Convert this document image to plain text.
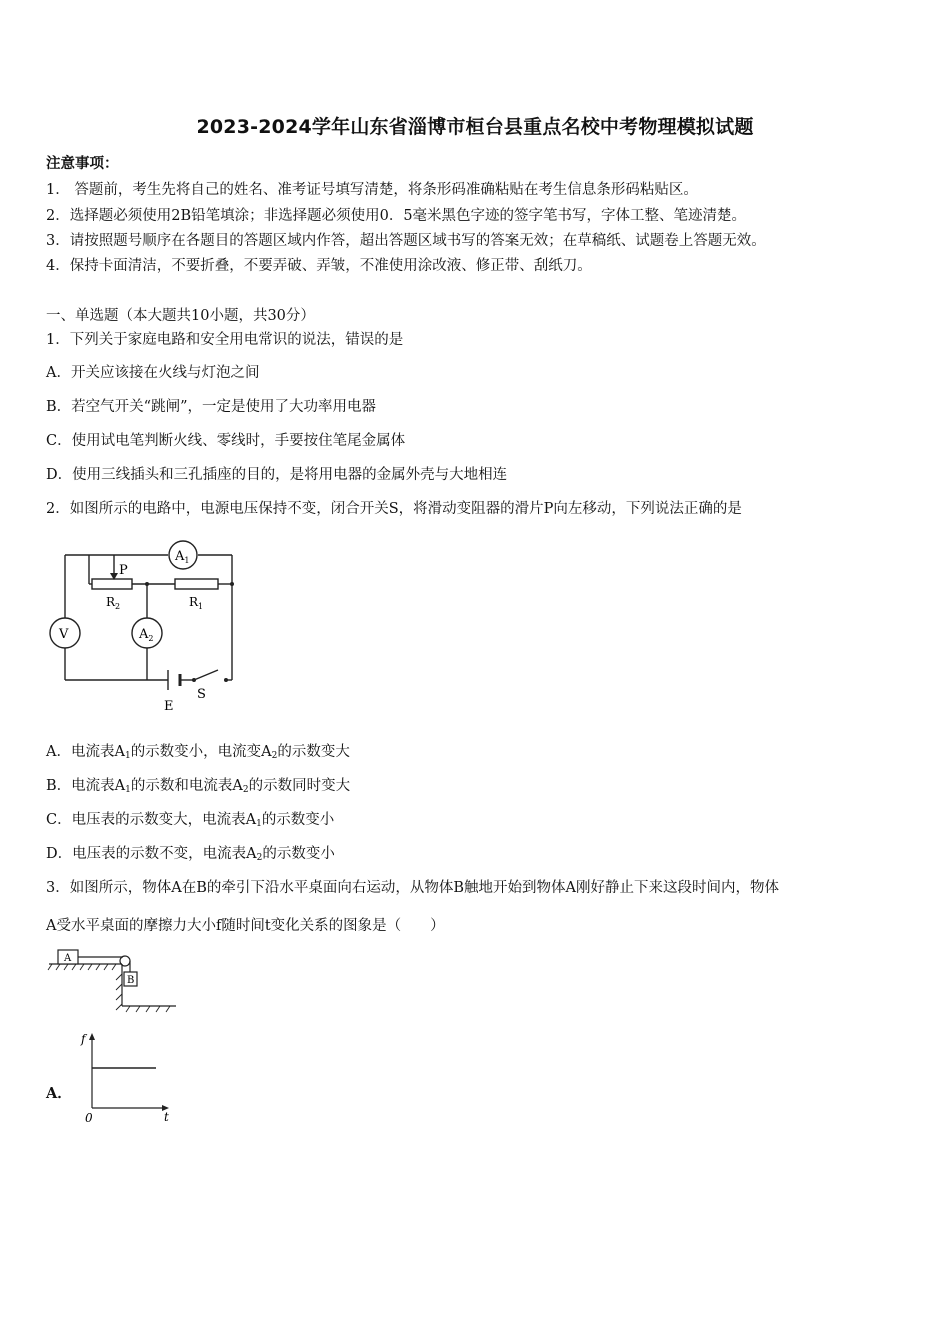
2023-2024学年山东省淄博市桓台县重点名校中考物理模拟试题
注意事项：
1． 答题前，考生先将自己的姓名、准考证号填写清楚，将条形码准确粘贴在考生信息条形码粘贴区。
2．选择题必须使用2B铅笔填涂；非选择题必须使用0．5毫米黑色字迹的签字笔书写，字体工整、笔迹清楚。
3．请按照题号顺序在各题目的答题区域内作答，超出答题区域书写的答案无效；在草稿纸、试题卷上答题无效。
4．保持卡面清洁，不要折叠，不要弄破、弄皱，不准使用涂改液、修正带、刮纸刀。
一、单选题（本大题共10小题，共30分）
1．下列关于家庭电路和安全用电常识的说法，错误的是
A．开关应该接在火线与灯泡之间
B．若空气开关“跳闸”，一定是使用了大功率用电器
C．使用试电笔判断火线、零线时，手要按住笔尾金属体
D．使用三线插头和三孔插座的目的，是将用电器的金属外壳与大地相连
2．如图所示的电路中，电源电压保持不变，闭合开关S，将滑动变阻器的滑片P向左移动，下列说法正确的是
$A_1$
$A_2$
V
P
$R_2$	$R_1$
E
S
A．电流表$A_1$的示数变小，电流变$A_2$的示数变大
B．电流表$A_1$的示数和电流表$A_2$的示数同时变大
C．电压表的示数变大，电流表$A_1$的示数变小
D．电压表的示数不变，电流表$A_2$的示数变小
3．如图所示，物体A在B的牵引下沿水平桌面向右运动，从物体B触地开始到物体A刚好静止下来这段时间内，物体
A受水平桌面的摩擦力大小f随时间t变化关系的图象是（　　）
A
B
A．
f
t
0
